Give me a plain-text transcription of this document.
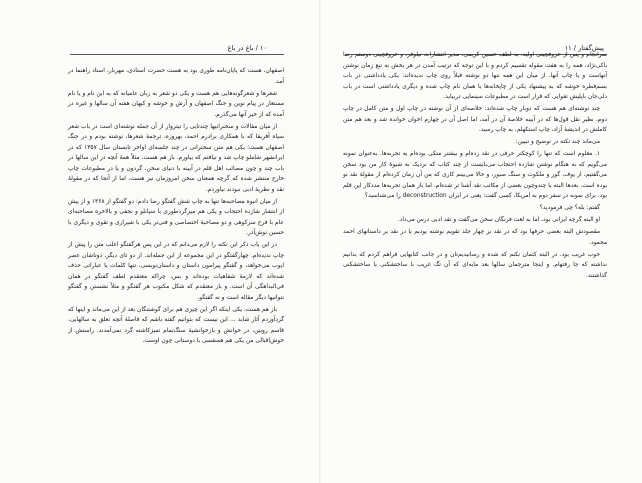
۱۰ / باغ در باغ

اصفهان، هست که پایان‌نامه طوری بود به هست حضرت استادی، مهربار، استاد راهنما در آمد.

شعرها و شعرگونه‌هایی هم هست و یکی دو شعر به زبان عامیانه که به این نام و یا نام مستعار در پیام نوین و جنگ اصفهان و آرش و خوشه و کیهان هفته آن سالها و غیره در آمده که از خیر آنها می‌گذرم.

از میان مقالات و سخنرانیها چندتایی را تیتروار از آن جمله نوشته‌ای است در باب شعر سیاه آفریقا که با همکاری برادرم احمد، بهروزه، ترجمهٔ شعرها، نوشته بودم و در جنگ اصفهان هست؛ یکی هم متن سخنرانی در چند جلسه‌ای اواخر تابستان سال ۱۳۵۷ که در ایرانشهر شاملو چاپ شد و نیافتم که بیاورم. باز هم هست، مثلاً همهٔ آنچه در این سالها در باب چند و چون مصائب اهل قلم در آیینه با دنیای سخن، گردون و یا در مطبوعات چاپ خارج منتشر شده که گرچه همعنان سخن امروزمان نیز هست، اما از آنجا که در مقولهٔ نقد و نظریهٔ ادبی نبودند نیاوردم.

از میان انبوه مصاحبه‌ها تنها به چاپ شش گفتگو رضا دادم: دو گفتگو از ۱۳۶۸ و از پیش از انتشار شازده احتجاب و یکی هم میزگردطوری با سپانلو و نجفی و بالاخره مصاحبه‌ای عام با فرج سرکوهی و دو مصاحبهٔ اختصاصی و فنی‌تر یکی با شیرازی و تقوی و دیگری با حسین نوش‌آذر.

در این باب ذکر این نکته را لازم می‌دانم که در این پس هرگفتگو اغلب متن را پیش از چاپ ندیده‌ام. چهارگفتگو در این مجموعه از این جمله‌اند. از دو تای دیگر، دوتاشان عصر ایوب می‌خواهد، و گفتگو پیرامون داستان و داستان‌نویسی، تنها کلمات یا عباراتی حذف شده‌اند که لازمهٔ شفاهیات بوده‌اند و بس، چراکه معتقدم لطف گفتگو در همان فی‌البداهگی آن است. و باز معتقدم که شکل مکتوب هر گفتگو و مثلاً نشستن و گفتگو نتوانیها دیگر مقاله است و نه گفتگو.

باز هم هست، یکی اینکه اگر این چیزی هم برای گوشتنگان بعد از این می‌ماند و اینها که گردآوردم آثار شاید ... این نیست که بتوانیم گفته باشم که فاصلهٔ آنچه تعلق به سالهایی، قاسم روبین، در خوانش و بازخوانشیهٔ سنگ‌تمام تمیزکاشته گرد نمی‌آمدند. راستش از خوش‌اقبالی من یکی هم همنفسی با دوستانی چون اوست.

پیش‌گفتار / ۱۱

سرانجام و پس از حروفچینی اولیه، به لطف حسین کریمی، مدیر انتشارات نیلوفر، و حروفچینی دوستم رضا باکی‌نژاد، همه را به هفت مقوله تقسیم کردم و با این توجه که ترتیب آمدن در هر بخش به تبع زمان نوشتن آنهاست و یا چاپ آنها. از میان این همه تنها دو نوشته قبلاً روی چاپ ندیده‌اند: یکی یادداشتی در باب بسم‌فطره خوشه که به پیشنهاد یکی از چاپخانه‌ها با همان نام چاپ شده و دیگری یادداشتی است در باب دلی‌جان باپلیش تقوایی که قرار است در مطبوعات سینمایی دربیاید.

چند نوشته‌ای هم هست که دوبار چاپ شده‌اند: خلاصه‌ای از آن نوشته در چاپ اول و متن کامل در چاپ دوم، نظیر نقل قول‌ها که در آیینه خلاصهٔ آن در آمد، اما اصل آن در چهارم اخوان خوانده شد و بعد هم متن کاملش در اندیشهٔ آزاد، چاپ استکهلم، به چاپ رسید.

می‌ماند چند نکته در توضیح و تبیین:

۱. معلوم است که تنها را کوچکتر حرفی در نقد زده‌ام و بیشتر متکی بوده‌ام به تجربه‌ها. به‌عنوان نمونه می‌گویم که به هنگام نوشتن شازده احتجاب می‌بایست از چند کتاب که نزدیک به شیوهٔ کار من بود سخن می‌گفتیم، از یوف، گور و ملکوت و سنگ صبور، و حالا می‌بینم کاری که من آن زمان کرده‌ام از مقولهٔ نقد نو بوده است. بعدها البته با چندوچون بعضی از مکاتب نقد آشنا تر شده‌ام، اما باز همان تجربه‌ها مددکار این قلم بود. برای نمونه در سفر دوم به امریکا، کسی گفت: یعنی در ایران deconstruction را می‌شناسید؟

گفتم: بله؟ چی فرمودید؟

او البته گرچه ایرانی بود، اما به لغت فرنگان سخن می‌گفت و نقد ادبی درس می‌داد.

مقصودش البته بعضی حرفها بود که در نقد بر چهار جلد تقویم نوشته بودیم یا در نقد بر داستانهای احمد محمود.

خوب غریب بود. در البته کتمان نکنم که شده و رسانیدیم‌تان و در جانب کتابهایی فراهم کردم که بدانیم نداشته که جا رفتهام. و اینجا مترجمان سالها بعد مایه‌ای که آن تگ غریب با ساختشکنی یا ساختشکنی گذاشتند.
